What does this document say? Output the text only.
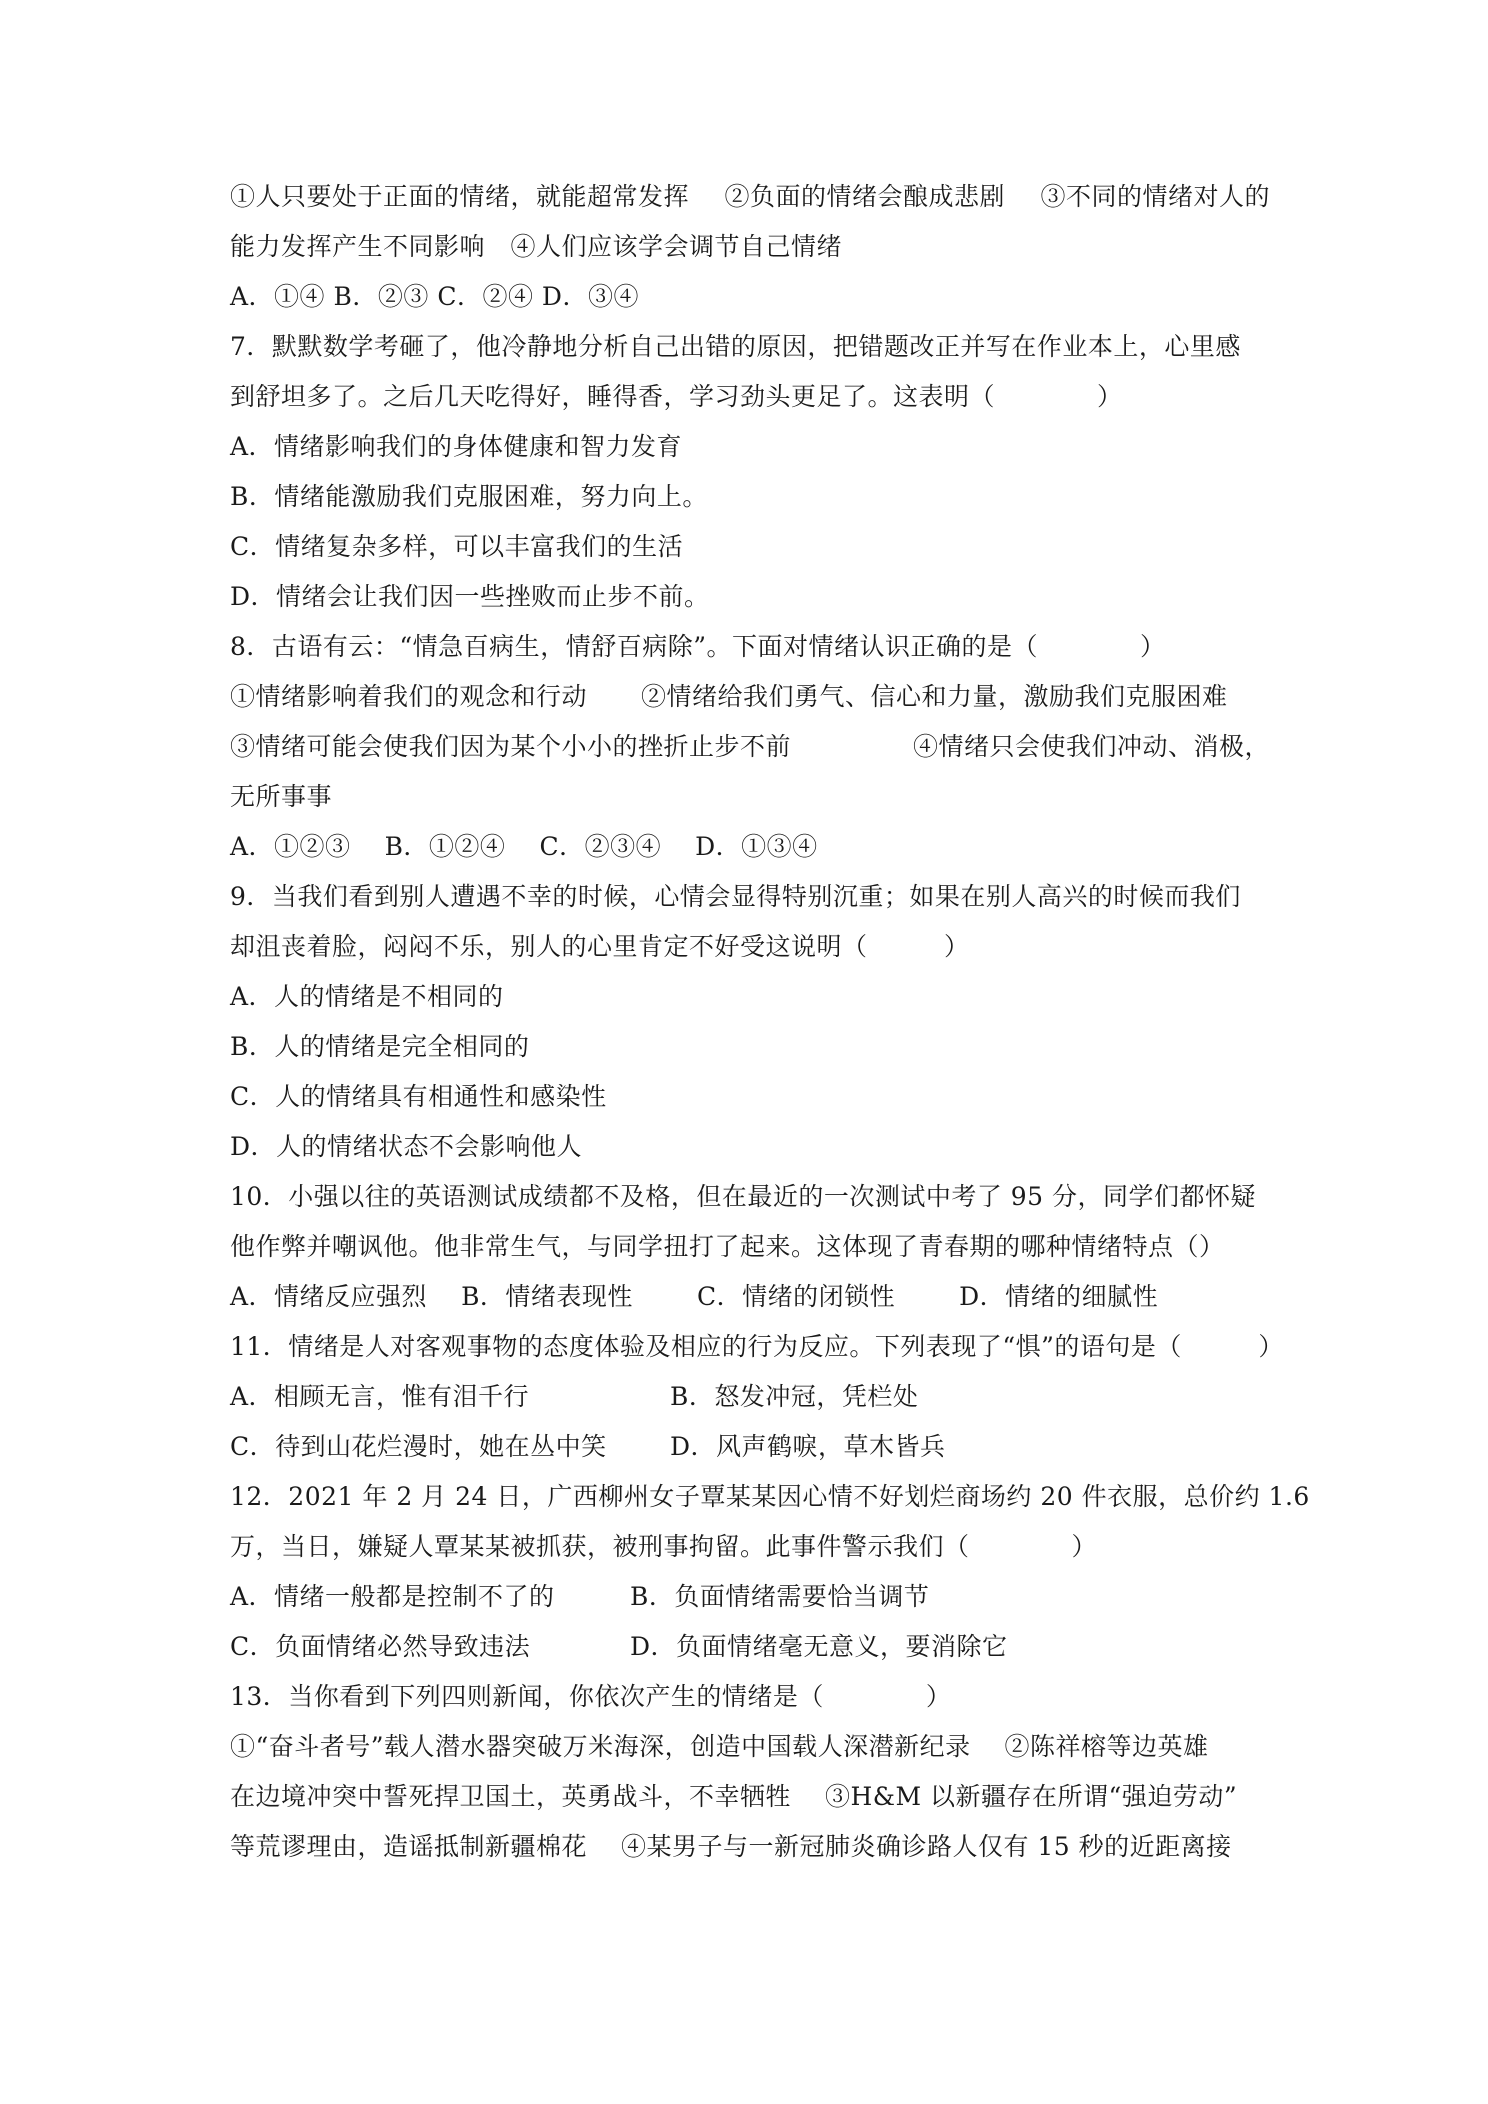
①人只要处于正面的情绪，就能超常发挥 ②负面的情绪会酿成悲剧 ③不同的情绪对人的
能力发挥产生不同影响　④人们应该学会调节自己情绪
A．①④ B．②③ C．②④ D．③④
7．默默数学考砸了，他冷静地分析自己出错的原因，把错题改正并写在作业本上，心里感
到舒坦多了。之后几天吃得好，睡得香，学习劲头更足了。这表明（　　　　）
A．情绪影响我们的身体健康和智力发育
B．情绪能激励我们克服困难，努力向上。
C．情绪复杂多样，可以丰富我们的生活
D．情绪会让我们因一些挫败而止步不前。
8．古语有云：“情急百病生，情舒百病除”。下面对情绪认识正确的是（　　　　）
①情绪影响着我们的观念和行动 ②情绪给我们勇气、信心和力量，激励我们克服困难
③情绪可能会使我们因为某个小小的挫折止步不前	④情绪只会使我们冲动、消极，
无所事事
A．①②③ B．①②④ C．②③④ D．①③④
9．当我们看到别人遭遇不幸的时候，心情会显得特别沉重；如果在别人高兴的时候而我们
却沮丧着脸，闷闷不乐，别人的心里肯定不好受这说明（　　　）
A．人的情绪是不相同的
B．人的情绪是完全相同的
C．人的情绪具有相通性和感染性
D．人的情绪状态不会影响他人
10．小强以往的英语测试成绩都不及格，但在最近的一次测试中考了 95 分，同学们都怀疑
他作弊并嘲讽他。他非常生气，与同学扭打了起来。这体现了青春期的哪种情绪特点（）
A．情绪反应强烈 B．情绪表现性	C．情绪的闭锁性	D．情绪的细腻性
11．情绪是人对客观事物的态度体验及相应的行为反应。下列表现了“惧”的语句是（　　　）
A．相顾无言，惟有泪千行	B．怒发冲冠，凭栏处
C．待到山花烂漫时，她在丛中笑	D．风声鹤唳，草木皆兵
12．2021 年 2 月 24 日，广西柳州女子覃某某因心情不好划烂商场约 20 件衣服，总价约 1.6
万，当日，嫌疑人覃某某被抓获，被刑事拘留。此事件警示我们（　　　　）
A．情绪一般都是控制不了的	B．负面情绪需要恰当调节
C．负面情绪必然导致违法	D．负面情绪毫无意义，要消除它
13．当你看到下列四则新闻，你依次产生的情绪是（　　　　）
①“奋斗者号”载人潜水器突破万米海深，创造中国载人深潜新纪录　 ②陈祥榕等边英雄
在边境冲突中誓死捍卫国土，英勇战斗，不幸牺牲　 ③H&M 以新疆存在所谓“强迫劳动”
等荒谬理由，造谣抵制新疆棉花　 ④某男子与一新冠肺炎确诊路人仅有 15 秒的近距离接
